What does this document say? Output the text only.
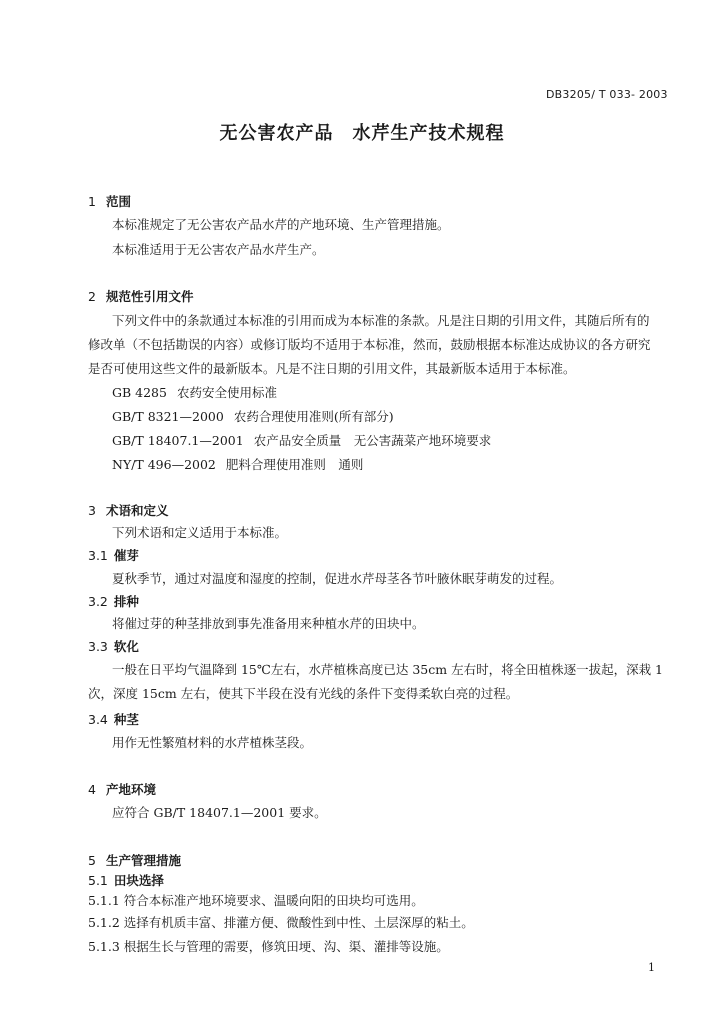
DB3205/ T 033- 2003
无公害农产品　水芹生产技术规程
1 范围
本标准规定了无公害农产品水芹的产地环境、生产管理措施。
本标准适用于无公害农产品水芹生产。
2 规范性引用文件
下列文件中的条款通过本标准的引用而成为本标准的条款。凡是注日期的引用文件，其随后所有的
修改单（不包括勘误的内容）或修订版均不适用于本标准，然而，鼓励根据本标准达成协议的各方研究
是否可使用这些文件的最新版本。凡是不注日期的引用文件，其最新版本适用于本标准。
GB 4285 农药安全使用标准
GB/T 8321—2000 农药合理使用准则(所有部分)
GB/T 18407.1—2001 农产品安全质量　无公害蔬菜产地环境要求
NY/T 496—2002 肥料合理使用准则　通则
3 术语和定义
下列术语和定义适用于本标准。
3.1 催芽
夏秋季节，通过对温度和湿度的控制，促进水芹母茎各节叶腋休眠芽萌发的过程。
3.2 排种
将催过芽的种茎排放到事先准备用来种植水芹的田块中。
3.3 软化
一般在日平均气温降到 15℃左右，水芹植株高度已达 35cm 左右时，将全田植株逐一拔起，深栽 1
次，深度 15cm 左右，使其下半段在没有光线的条件下变得柔软白亮的过程。
3.4 种茎
用作无性繁殖材料的水芹植株茎段。
4 产地环境
应符合 GB/T 18407.1—2001 要求。
5 生产管理措施
5.1 田块选择
5.1.1 符合本标准产地环境要求、温暖向阳的田块均可选用。
5.1.2 选择有机质丰富、排灌方便、微酸性到中性、土层深厚的粘土。
5.1.3 根据生长与管理的需要，修筑田埂、沟、渠、灌排等设施。
1
